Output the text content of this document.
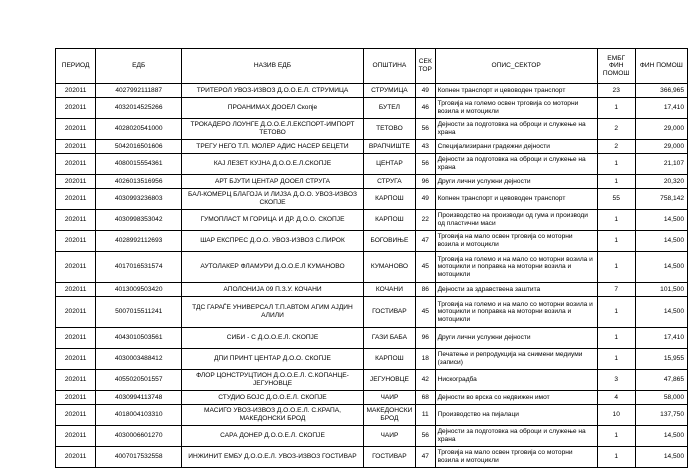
ПЕРИОД	ЕДБ	НАЗИВ ЕДБ	ОПШТИНА	СЕК ТОР	ОПИС_СЕКТОР	ЕМБГ ФИН ПОМОШ	ФИН ПОМОШ
202011	4027992111887	ТРИТЕРОЛ УВОЗ-ИЗВОЗ Д.О.О.Е.Л. СТРУМИЦА	СТРУМИЦА	49	Копнен транспорт и цевоводен транспорт	23	366,965
202011	4032014525266	ПРОАНИМАХ ДООЕЛ Скопје	БУТЕЛ	46	Трговија на големо освен трговија со моторни возила и мотоцикли	1	17,410
202011	4028020541000	ТРОКАДЕРО ЛОУНГЕ Д.О.О.Е.Л.ЕКСПОРТ-ИМПОРТ ТЕТОВО	ТЕТОВО	56	Дејности за подготовка на оброци и служење на храна	2	29,000
202011	5042016501606	ТРЕГУ НЕГО Т.П. МОЛЕР АДИС НАСЕР БЕЦЕТИ	ВРАПЧИШТЕ	43	Специјализирани градежни дејности	2	29,000
202011	4080015554361	КАЈ ЛЕЗЕТ КУЈНА Д.О.О.Е.Л.СКОПЈЕ	ЦЕНТАР	56	Дејности за подготовка на оброци и служење на храна	1	21,107
202011	4026013516956	АРТ БЈУТИ ЦЕНТАР ДООЕЛ СТРУГА	СТРУГА	96	Други лични услужни дејности	1	20,320
202011	4030993236803	БАЛ-КОМЕРЦ БЛАГОЈА И ЛИЈЗА Д.О.О. УВОЗ-ИЗВОЗ СКОПЈЕ	КАРПОШ	49	Копнен транспорт и цевоводен транспорт	55	758,142
202011	4030998353042	ГУМОПЛАСТ М ГОРИЦА И ДР. Д.О.О. СКОПЈЕ	КАРПОШ	22	Производство на производи од гума и производи од пластични маси	1	14,500
202011	4028992112693	ШАР ЕКСПРЕС Д.О.О. УВОЗ-ИЗВОЗ С.ПИРОК	БОГОВИЊЕ	47	Трговија на мало освен трговија со моторни возила и мотоцикли	1	14,500
202011	4017016531574	АУТОЛАКЕР ФЛАМУРИ Д.О.О.Е.Л КУМАНОВО	КУМАНОВО	45	Трговија на големо и на мало со моторни возила и мотоцикли и поправка на моторни возила и мотоцикли	1	14,500
202011	4013009503420	АПОЛОНИЈА 09 П.З.У. КОЧАНИ	КОЧАНИ	86	Дејности за здравствена заштита	7	101,500
202011	5007015511241	ТДС ГАРАЃЕ УНИВЕРСАЛ Т.П.АВТОМ АГИМ АЈДИН АЛИЛИ	ГОСТИВАР	45	Трговија на големо и на мало со моторни возила и мотоцикли и поправка на моторни возила и мотоцикли	1	14,500
202011	4043010503561	СИБИ - С Д.О.О.Е.Л. СКОПЈЕ	ГАЗИ БАБА	96	Други лични услужни дејности	1	17,410
202011	4030003488412	ДПИ ПРИНТ ЦЕНТАР Д.О.О. СКОПЈЕ	КАРПОШ	18	Печатење и репродукција на снимени медиуми (записи)	1	15,955
202011	4055020501557	ФЛОР ЦОНСТРУЦТИОН Д.О.О.Е.Л. С.КОПАНЦЕ-ЈЕГУНОВЦЕ	ЈЕГУНОВЦЕ	42	Нискоградба	3	47,865
202011	4030994113748	СТУДИО БОЈС Д.О.О.Е.Л. СКОПЈЕ	ЧАИР	68	Дејности во врска со недвижен имот	4	58,000
202011	4018004103310	МАСИГО УВОЗ-ИЗВОЗ Д.О.О.Е.Л. С.КРАПА, МАКЕДОНСКИ БРОД	МАКЕДОНСКИ БРОД	11	Производство на пијалаци	10	137,750
202011	4030006601270	САРА ДОНЕР Д.О.О.Е.Л. СКОПЈЕ	ЧАИР	56	Дејности за подготовка на оброци и служење на храна	1	14,500
202011	4007017532558	ИНЖИНИТ ЕМБУ Д.О.О.Е.Л. УВОЗ-ИЗВОЗ ГОСТИВАР	ГОСТИВАР	47	Трговија на мало освен трговија со моторни возила и мотоцикли	1	14,500
